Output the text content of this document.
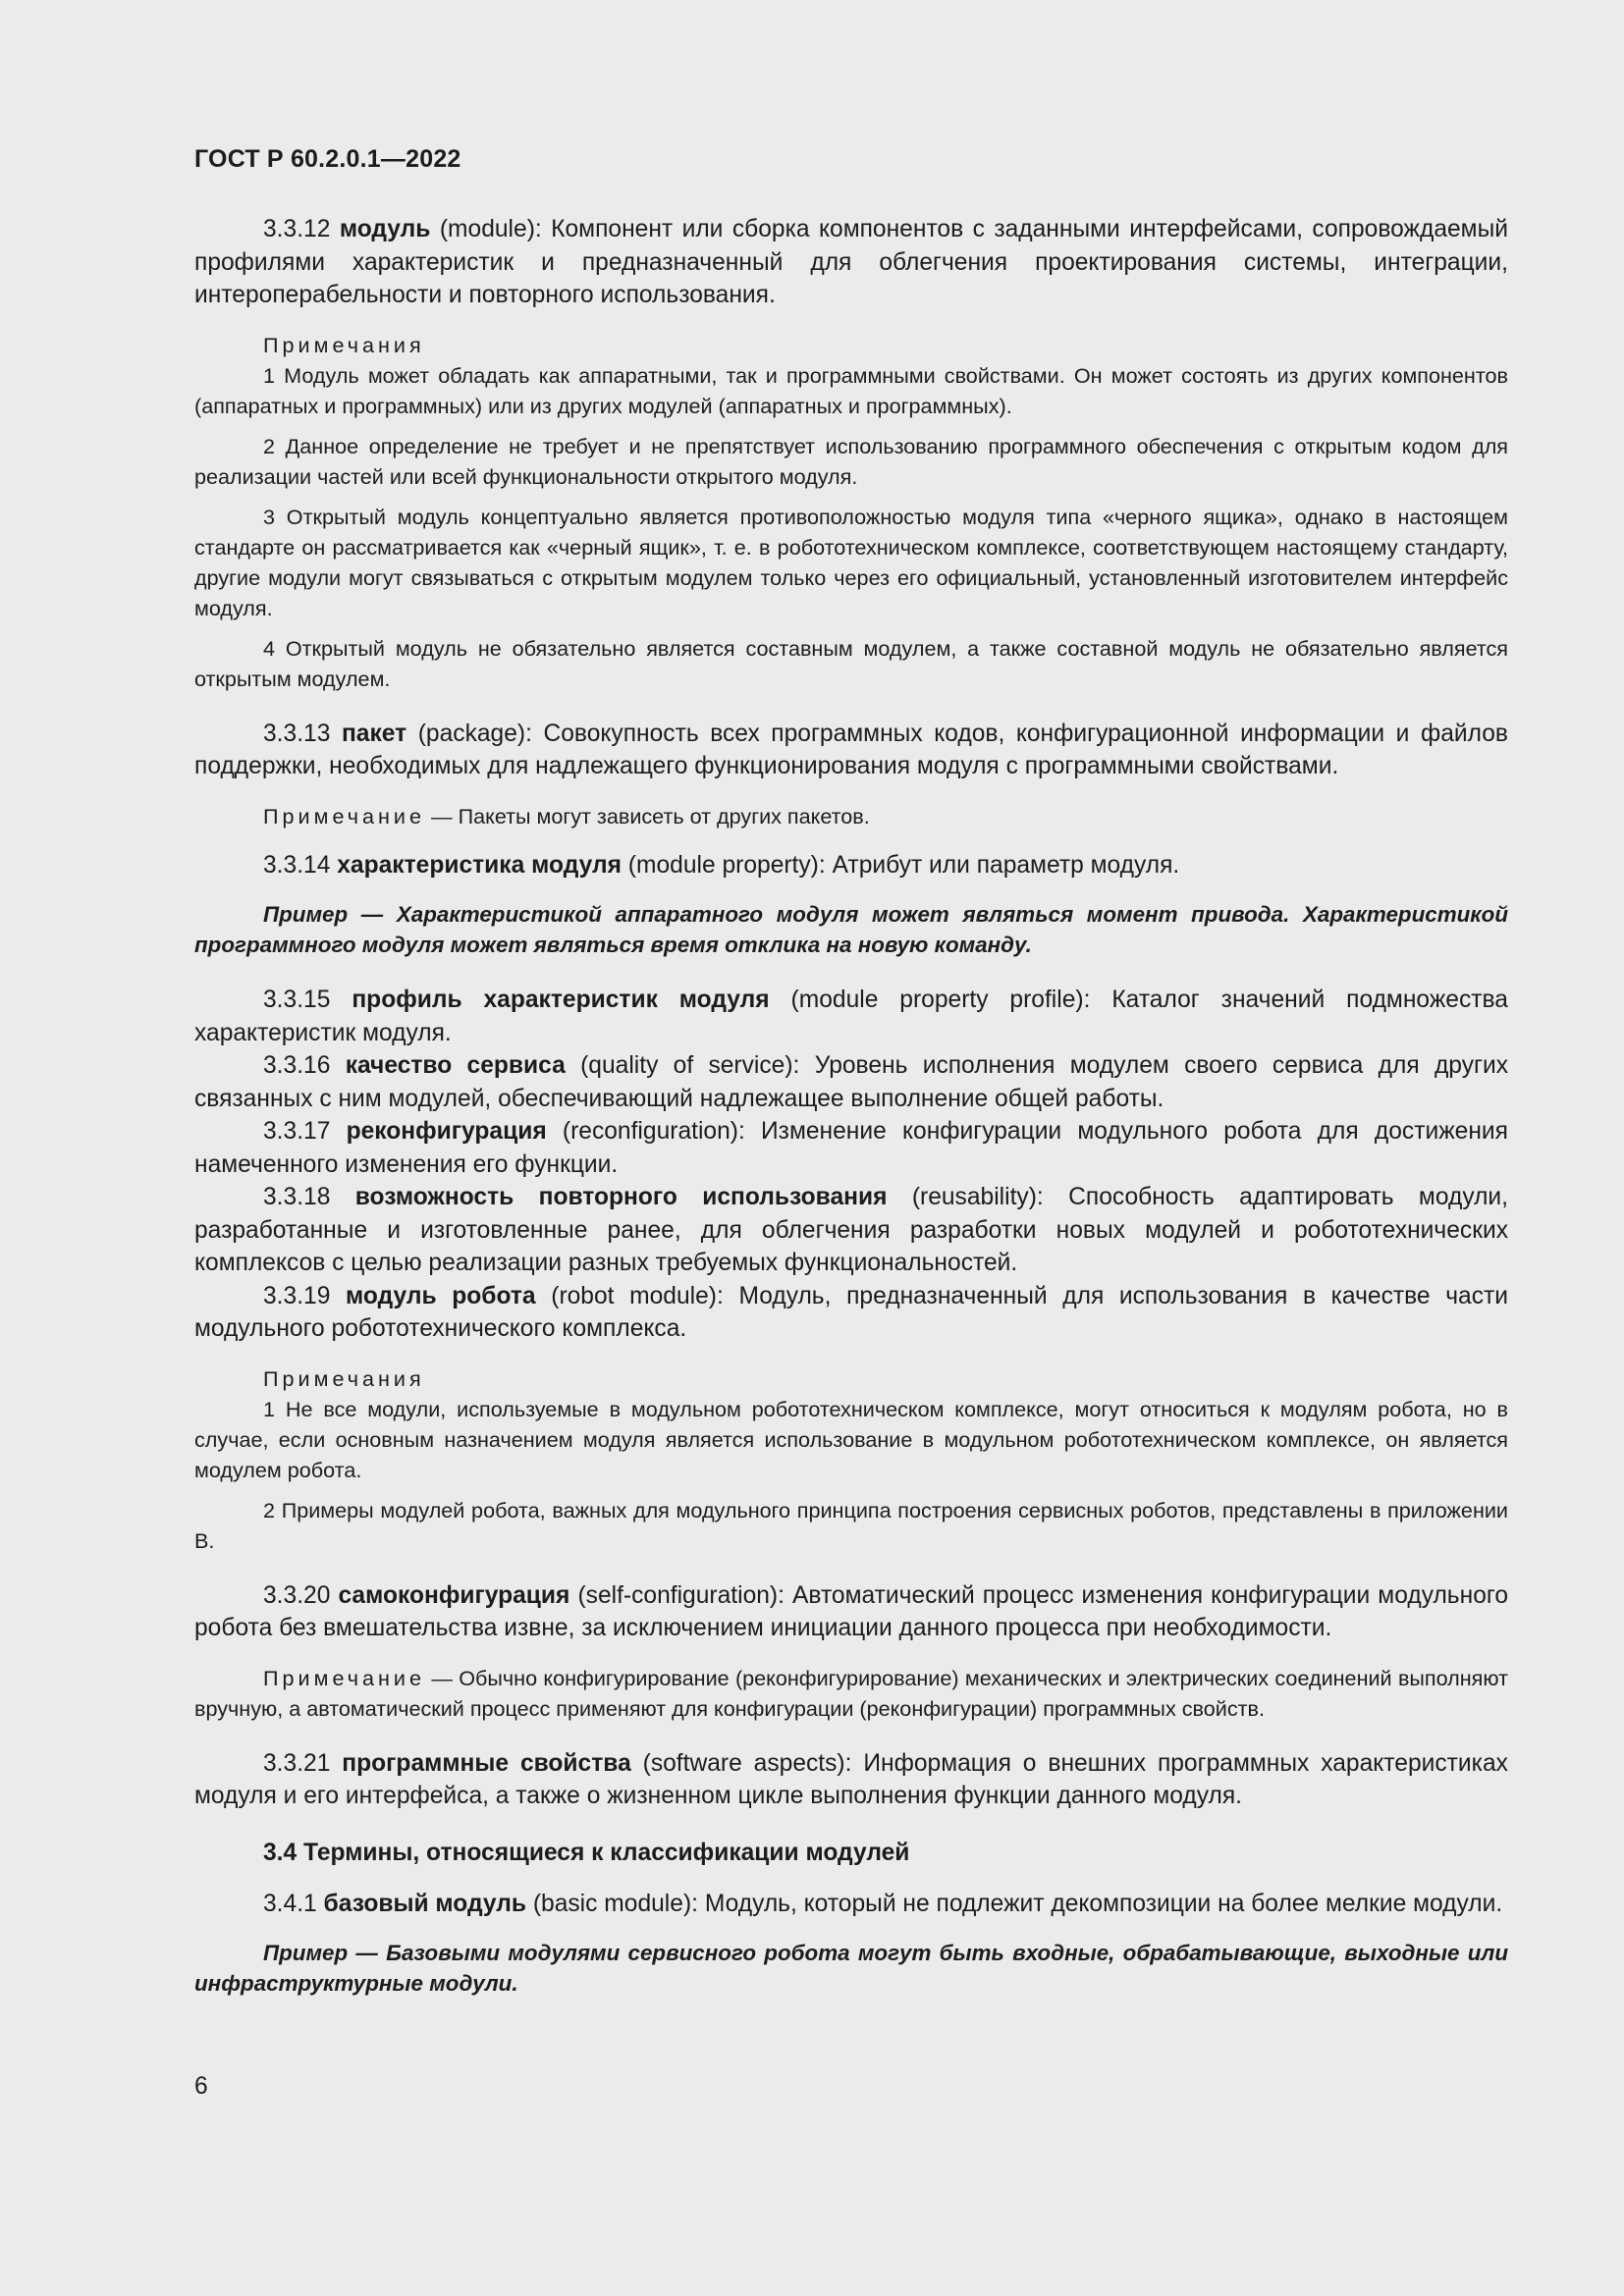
ГОСТ Р 60.2.0.1—2022

3.3.12 модуль (module): Компонент или сборка компонентов с заданными интерфейсами, сопровождаемый профилями характеристик и предназначенный для облегчения проектирования системы, интеграции, интероперабельности и повторного использования.

Примечания

1 Модуль может обладать как аппаратными, так и программными свойствами. Он может состоять из других компонентов (аппаратных и программных) или из других модулей (аппаратных и программных).

2 Данное определение не требует и не препятствует использованию программного обеспечения с открытым кодом для реализации частей или всей функциональности открытого модуля.

3 Открытый модуль концептуально является противоположностью модуля типа «черного ящика», однако в настоящем стандарте он рассматривается как «черный ящик», т. е. в робототехническом комплексе, соответствующем настоящему стандарту, другие модули могут связываться с открытым модулем только через его официальный, установленный изготовителем интерфейс модуля.

4 Открытый модуль не обязательно является составным модулем, а также составной модуль не обязательно является открытым модулем.

3.3.13 пакет (package): Совокупность всех программных кодов, конфигурационной информации и файлов поддержки, необходимых для надлежащего функционирования модуля с программными свойствами.

Примечание — Пакеты могут зависеть от других пакетов.

3.3.14 характеристика модуля (module property): Атрибут или параметр модуля.

Пример — Характеристикой аппаратного модуля может являться момент привода. Характеристикой программного модуля может являться время отклика на новую команду.

3.3.15 профиль характеристик модуля (module property profile): Каталог значений подмножества характеристик модуля.

3.3.16 качество сервиса (quality of service): Уровень исполнения модулем своего сервиса для других связанных с ним модулей, обеспечивающий надлежащее выполнение общей работы.

3.3.17 реконфигурация (reconfiguration): Изменение конфигурации модульного робота для достижения намеченного изменения его функции.

3.3.18 возможность повторного использования (reusability): Способность адаптировать модули, разработанные и изготовленные ранее, для облегчения разработки новых модулей и робототехнических комплексов с целью реализации разных требуемых функциональностей.

3.3.19 модуль робота (robot module): Модуль, предназначенный для использования в качестве части модульного робототехнического комплекса.

Примечания

1 Не все модули, используемые в модульном робототехническом комплексе, могут относиться к модулям робота, но в случае, если основным назначением модуля является использование в модульном робототехническом комплексе, он является модулем робота.

2 Примеры модулей робота, важных для модульного принципа построения сервисных роботов, представлены в приложении В.

3.3.20 самоконфигурация (self-configuration): Автоматический процесс изменения конфигурации модульного робота без вмешательства извне, за исключением инициации данного процесса при необходимости.

Примечание — Обычно конфигурирование (реконфигурирование) механических и электрических соединений выполняют вручную, а автоматический процесс применяют для конфигурации (реконфигурации) программных свойств.

3.3.21 программные свойства (software aspects): Информация о внешних программных характеристиках модуля и его интерфейса, а также о жизненном цикле выполнения функции данного модуля.

3.4 Термины, относящиеся к классификации модулей

3.4.1 базовый модуль (basic module): Модуль, который не подлежит декомпозиции на более мелкие модули.

Пример — Базовыми модулями сервисного робота могут быть входные, обрабатывающие, выходные или инфраструктурные модули.

6
